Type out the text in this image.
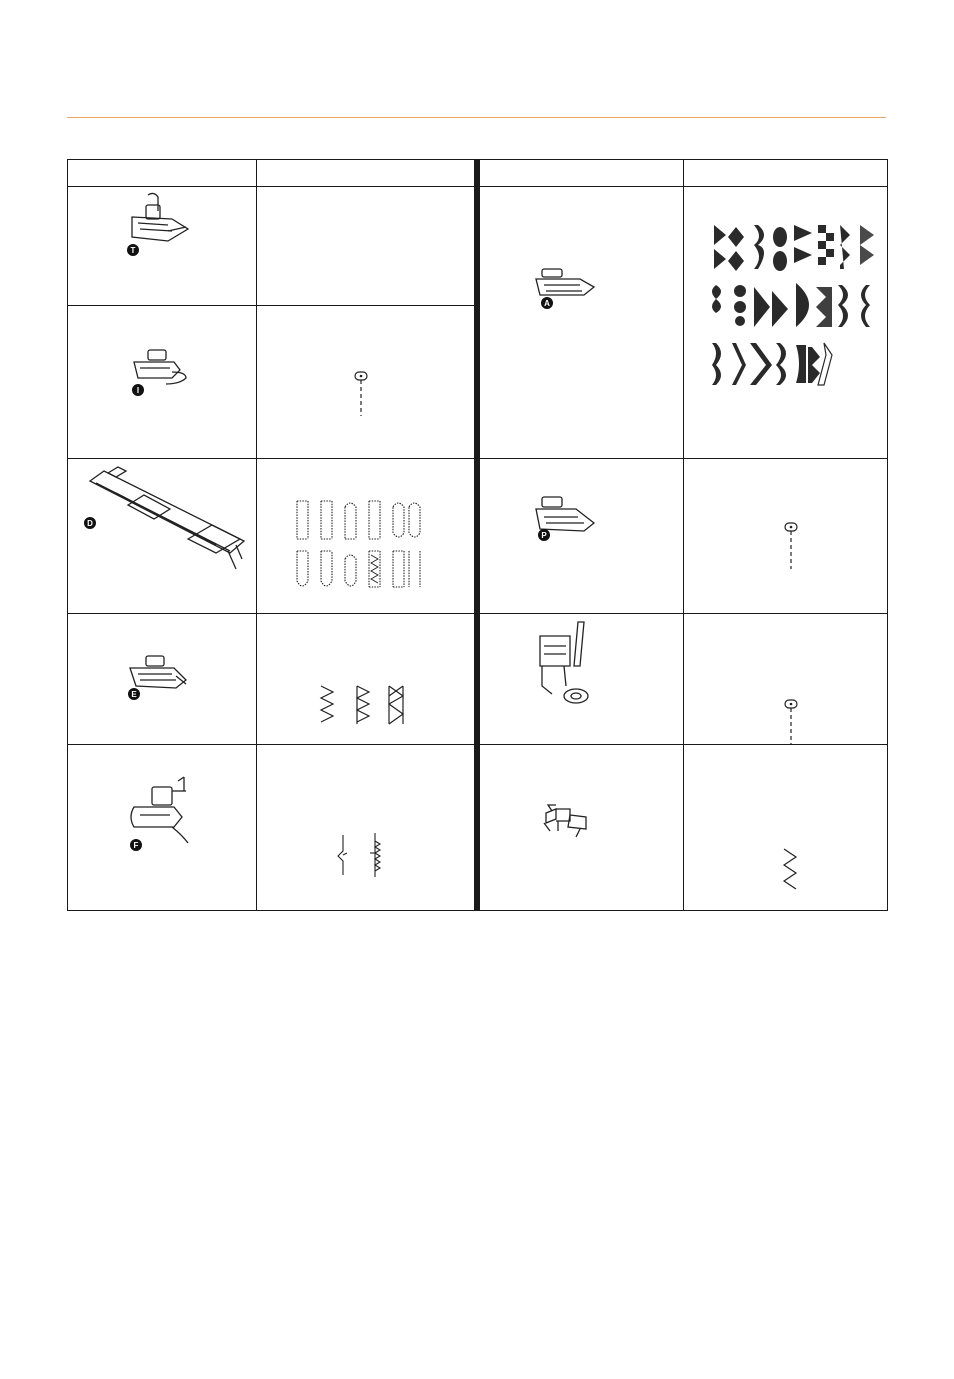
T
I
D
E
F
A
P
